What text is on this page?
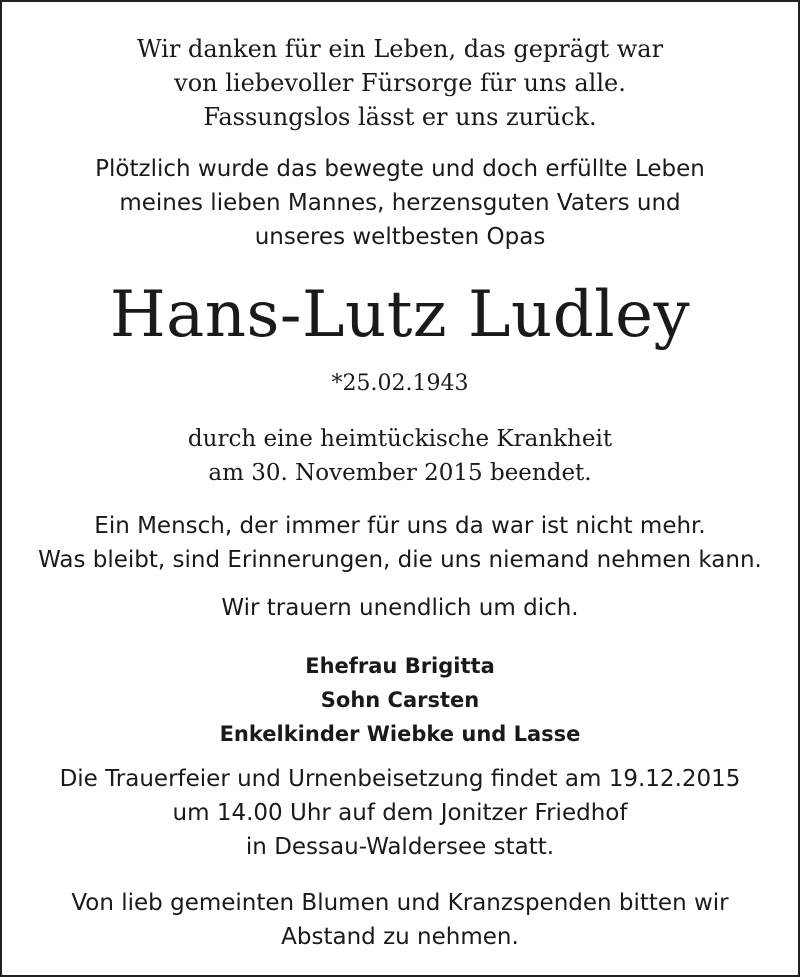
Wir danken für ein Leben, das geprägt war
von liebevoller Fürsorge für uns alle.
Fassungslos lässt er uns zurück.
Plötzlich wurde das bewegte und doch erfüllte Leben
meines lieben Mannes, herzensguten Vaters und
unseres weltbesten Opas
Hans-Lutz Ludley
*25.02.1943
durch eine heimtückische Krankheit
am 30. November 2015 beendet.
Ein Mensch, der immer für uns da war ist nicht mehr.
Was bleibt, sind Erinnerungen, die uns niemand nehmen kann.
Wir trauern unendlich um dich.
Ehefrau Brigitta
Sohn Carsten
Enkelkinder Wiebke und Lasse
Die Trauerfeier und Urnenbeisetzung findet am 19.12.2015
um 14.00 Uhr auf dem Jonitzer Friedhof
in Dessau-Waldersee statt.
Von lieb gemeinten Blumen und Kranzspenden bitten wir
Abstand zu nehmen.
